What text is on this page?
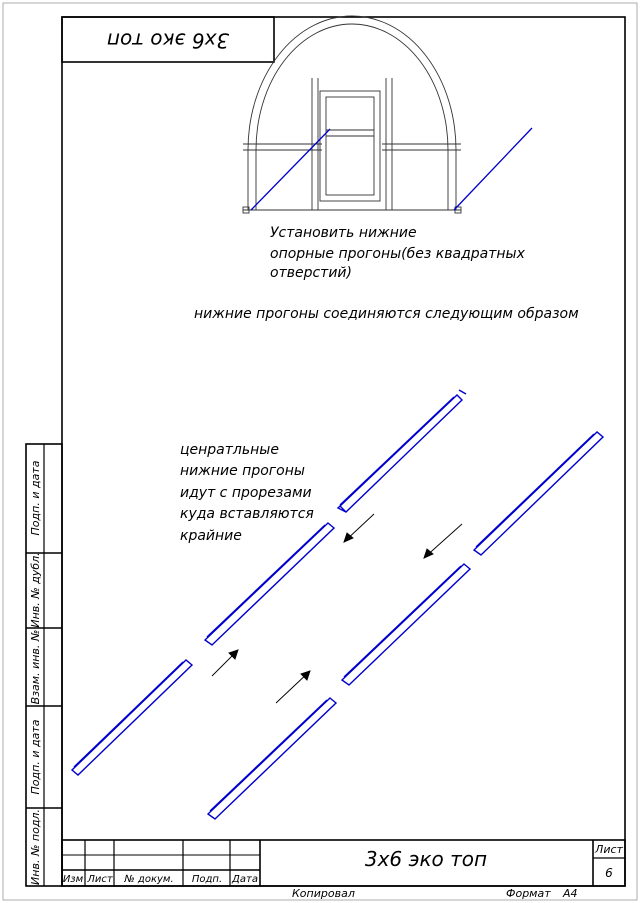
3х6 эко топ
Установить нижние
опорные прогоны(без квадратных
отверстий)
нижние прогоны соединяются следующим образом
ценратльные
нижние прогоны
идут с прорезами
куда вставляются
крайние
Подп. и дата
Инв. № дубл.
Взам. инв. №
Подп. и дата
Инв. № подл. Изм Лист № докум. Подп. Дата
3х6 эко топ	Лист
6
Копировал	Формат А4
